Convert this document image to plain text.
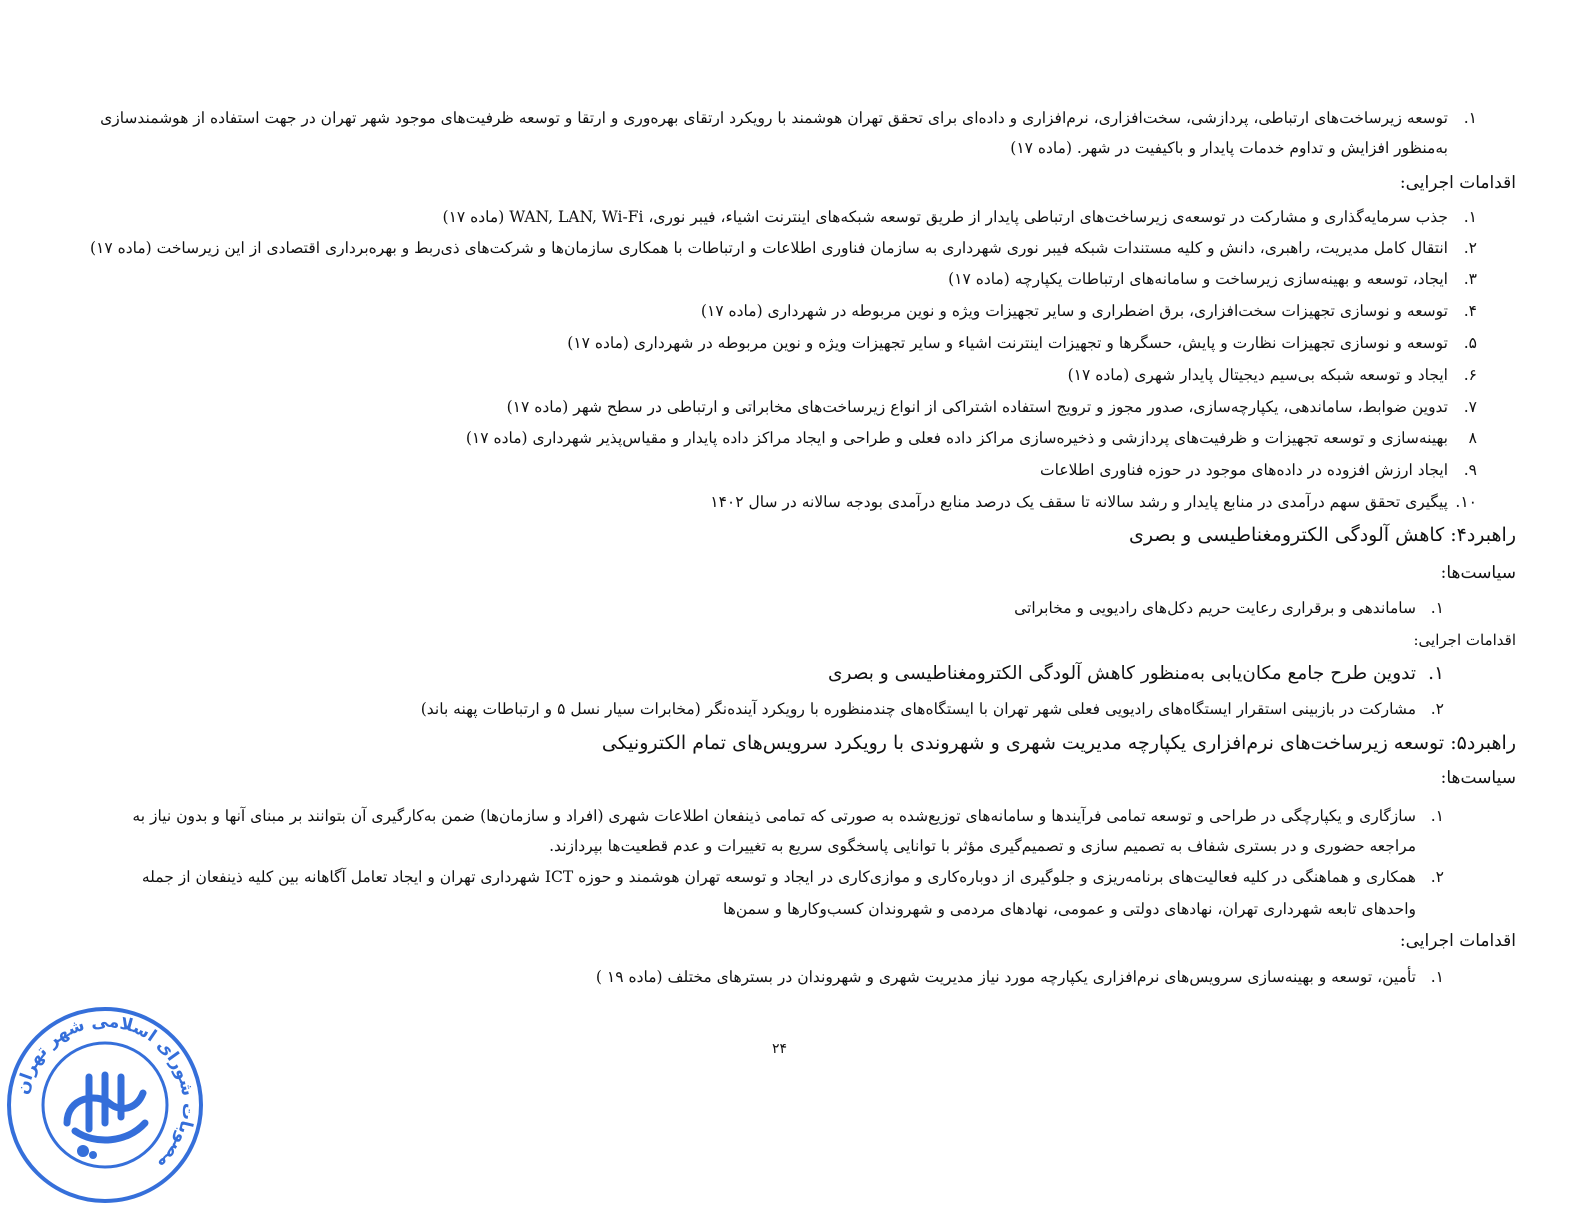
۱.
توسعه زیرساخت‌های ارتباطی، پردازشی، سخت‌افزاری، نرم‌افزاری و داده‌ای برای تحقق تهران هوشمند با رویکرد ارتقای بهره‌وری و ارتقا و توسعه ظرفیت‌های موجود شهر تهران در جهت استفاده از هوشمندسازی
به‌منظور افزایش و تداوم خدمات پایدار و باکیفیت در شهر. (ماده ۱۷)
اقدامات اجرایی:
۱.
جذب سرمایه‌گذاری و مشارکت در توسعه‌ی زیرساخت‌های ارتباطی پایدار از طریق توسعه شبکه‌های اینترنت اشیاء، فیبر نوری، WAN, LAN, Wi-Fi (ماده ۱۷)
۲.
انتقال کامل مدیریت، راهبری، دانش و کلیه مستندات شبکه فیبر نوری شهرداری به سازمان فناوری اطلاعات و ارتباطات با همکاری سازمان‌ها و شرکت‌های ذی‌ربط و بهره‌برداری اقتصادی از این زیرساخت (ماده ۱۷)
۳.
ایجاد، توسعه و بهینه‌سازی زیرساخت و سامانه‌های ارتباطات یکپارچه (ماده ۱۷)
۴.
توسعه و نوسازی تجهیزات سخت‌افزاری، برق اضطراری و سایر تجهیزات ویژه و نوین مربوطه در شهرداری (ماده ۱۷)
۵.
توسعه و نوسازی تجهیزات نظارت و پایش، حسگرها و تجهیزات اینترنت اشیاء و سایر تجهیزات ویژه و نوین مربوطه در شهرداری (ماده ۱۷)
۶.
ایجاد و توسعه شبکه بی‌سیم دیجیتال پایدار شهری (ماده ۱۷)
۷.
تدوین ضوابط، ساماندهی، یکپارچه‌سازی، صدور مجوز و ترویج استفاده اشتراکی از انواع زیرساخت‌های مخابراتی و ارتباطی در سطح شهر (ماده ۱۷)
۸
بهینه‌سازی و توسعه تجهیزات و ظرفیت‌های پردازشی و ذخیره‌سازی مراکز داده فعلی و طراحی و ایجاد مراکز داده پایدار و مقیاس‌پذیر شهرداری (ماده ۱۷)
۹.
ایجاد ارزش افزوده در داده‌های موجود در حوزه فناوری اطلاعات
۱۰.
پیگیری تحقق سهم درآمدی در منابع پایدار و رشد سالانه تا سقف یک درصد منابع درآمدی بودجه سالانه در سال ۱۴۰۲
راهبرد۴: کاهش آلودگی الکترومغناطیسی و بصری
سیاست‌ها:
۱.
ساماندهی و برقراری رعایت حریم دکل‌های رادیویی و مخابراتی
اقدامات اجرایی:
۱.
تدوین طرح جامع مکان‌یابی به‌منظور کاهش آلودگی الکترومغناطیسی و بصری
۲.
مشارکت در بازبینی استقرار ایستگاه‌های رادیویی فعلی شهر تهران با ایستگاه‌های چندمنظوره با رویکرد آینده‌نگر (مخابرات سیار نسل ۵ و ارتباطات پهنه باند)
راهبرد۵: توسعه زیرساخت‌های نرم‌افزاری یکپارچه مدیریت شهری و شهروندی با رویکرد سرویس‌های تمام الکترونیکی
سیاست‌ها:
۱.
سازگاری و یکپارچگی در طراحی و توسعه تمامی فرآیندها و سامانه‌های توزیع‌شده به صورتی که تمامی ذینفعان اطلاعات شهری (افراد و سازمان‌ها) ضمن به‌کارگیری آن بتوانند بر مبنای آنها و بدون نیاز به
مراجعه حضوری و در بستری شفاف به تصمیم سازی و تصمیم‌گیری مؤثر با توانایی پاسخگوی سریع به تغییرات و عدم قطعیت‌ها بپردازند.
۲.
همکاری و هماهنگی در کلیه فعالیت‌های برنامه‌ریزی و جلوگیری از دوباره‌کاری و موازی‌کاری در ایجاد و توسعه تهران هوشمند و حوزه ICT شهرداری تهران و ایجاد تعامل آگاهانه بین کلیه ذینفعان از جمله
واحدهای تابعه شهرداری تهران، نهادهای دولتی و عمومی، نهادهای مردمی و شهروندان کسب‌وکارها و سمن‌ها
اقدامات اجرایی:
۱.
تأمین، توسعه و بهینه‌سازی سرویس‌های نرم‌افزاری یکپارچه مورد نیاز مدیریت شهری و شهروندان در بسترهای مختلف (ماده ۱۹ )
۲۴
مصوبات شورای اسلامی شهر تهران
